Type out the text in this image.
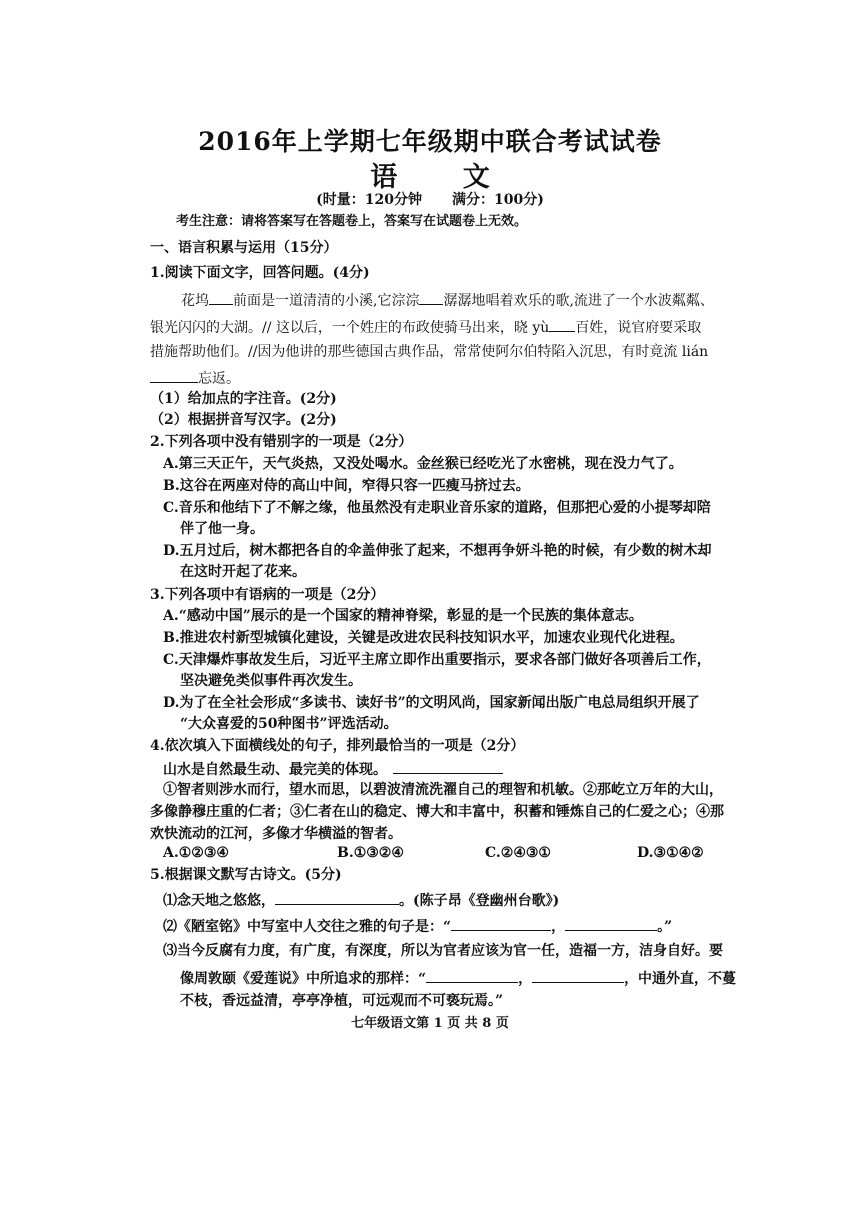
2016年上学期七年级期中联合考试试卷
语 文
(时量：120分钟 满分：100分)
考生注意：请将答案写在答题卷上，答案写在试题卷上无效。
一、语言积累与运用（15分）
1.阅读下面文字，回答问题。(4分)
花坞 前面是一道清清的小溪,它淙淙 潺潺地唱着欢乐的歌,流进了一个水波粼粼、
银光闪闪的大湖。// 这以后，一个姓庄的布政使骑马出来，晓 yù 百姓，说官府要采取
措施帮助他们。//因为他讲的那些德国古典作品，常常使阿尔伯特陷入沉思，有时竟流 lián
忘返。
（1）给加点的字注音。(2分)
（2）根据拼音写汉字。(2分)
2.下列各项中没有错别字的一项是（2分）
A.第三天正午，天气炎热，又没处喝水。金丝猴已经吃光了水密桃，现在没力气了。
B.这谷在两座对侍的高山中间，窄得只容一匹瘦马挤过去。
C.音乐和他结下了不解之缘，他虽然没有走职业音乐家的道路，但那把心爱的小提琴却陪
伴了他一身。
D.五月过后，树木都把各自的伞盖伸张了起来，不想再争妍斗艳的时候，有少数的树木却
在这时开起了花来。
3.下列各项中有语病的一项是（2分）
A.“感动中国”展示的是一个国家的精神脊梁，彰显的是一个民族的集体意志。
B.推进农村新型城镇化建设，关键是改进农民科技知识水平，加速农业现代化进程。
C.天津爆炸事故发生后，习近平主席立即作出重要指示，要求各部门做好各项善后工作，
坚决避免类似事件再次发生。
D.为了在全社会形成“多读书、读好书”的文明风尚，国家新闻出版广电总局组织开展了
“大众喜爱的50种图书”评选活动。
4.依次填入下面横线处的句子，排列最恰当的一项是（2分）
山水是自然最生动、最完美的体现。
①智者则涉水而行，望水而思，以碧波清流洗濯自己的理智和机敏。②那屹立万年的大山，
多像静穆庄重的仁者；③仁者在山的稳定、博大和丰富中，积蓄和锤炼自己的仁爱之心；④那
欢快流动的江河，多像才华横溢的智者。
A.①②③④	B.①③②④	C.②④③①	D.③①④②
5.根据课文默写古诗文。(5分)
⑴念天地之悠悠，	。(陈子昂《登幽州台歌》)
⑵《陋室铭》中写室中人交往之雅的句子是：“	，	。”
⑶当今反腐有力度，有广度，有深度，所以为官者应该为官一任，造福一方，洁身自好。要
像周敦颐《爱莲说》中所追求的那样：“	，	，中通外直，不蔓
不枝，香远益清，亭亭净植，可远观而不可亵玩焉。”
七年级语文第 1 页 共 8 页
